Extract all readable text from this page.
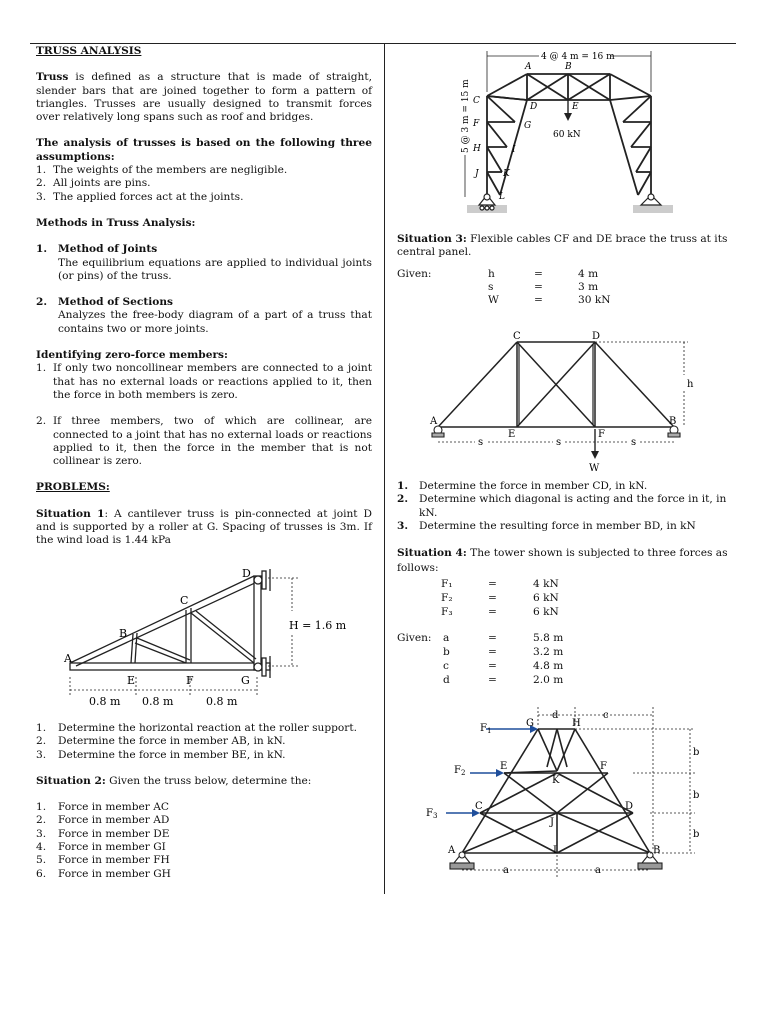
TRUSS ANALYSIS

Truss is defined as a structure that is made of straight, slender bars that are joined together to form a pattern of triangles. Trusses are usually designed to transmit forces over relatively long spans such as roof and bridges.

The analysis of trusses is based on the following three assumptions:

1. The weights of the members are negligible.
2. All joints are pins.
3. The applied forces act at the joints.

Methods in Truss Analysis:

1. Method of Joints

The equilibrium equations are applied to individual joints (or pins) of the truss.

2. Method of Sections

Analyzes the free-body diagram of a part of a truss that contains two or more joints.

Identifying zero-force members:

1. If only two noncollinear members are connected to a joint that has no external loads or reactions applied to it, then the force in both members is zero.
2. If three members, two of which are collinear, are connected to a joint that has no external loads or reactions applied to it, then the force in the member that is not collinear is zero.

PROBLEMS:

Situation 1: A cantilever truss is pin-connected at joint D and is supported by a roller at G. Spacing of trusses is 3m. If the wind load is 1.44 kPa

D
C
B
A
E	F	G
H = 1.6 m
0.8 m 0.8 m	0.8 m
1. Determine the horizontal reaction at the roller support.
2. Determine the force in member AB, in kN.
3. Determine the force in member BE, in kN.

Situation 2: Given the truss below, determine the:

1. Force in member AC
2. Force in member AD
3. Force in member DE
4. Force in member GI
5. Force in member FH
6. Force in member GH
4 @ 4 m = 16 m
5 @ 3 m = 15 m	60 kN
A	B
C
D	E
F	G
H	I
J	K
L

Situation 3: Flexible cables CF and DE brace the truss at its central panel.

Given:	h	=	4 m
s	=	3 m
W	=	30 kN
A	B
C	D
E	F
h
s	s	s
W
1. Determine the force in member CD, in kN.
2. Determine which diagonal is acting and the force in it, in kN.
3. Determine the resulting force in member BD, in kN

Situation 4: The tower shown is subjected to three forces as follows:

F₁	=	4 kN
F₂	=	6 kN
F₃	=	6 kN
Given: a	=	5.8 m
b	=	3.2 m
c	=	4.8 m
d	=	2.0 m
$F_1$
$F_2$
$F_3$
A	B
C	D
E	F
G	H
I
J
K
a	a
b
b
b
c
d
